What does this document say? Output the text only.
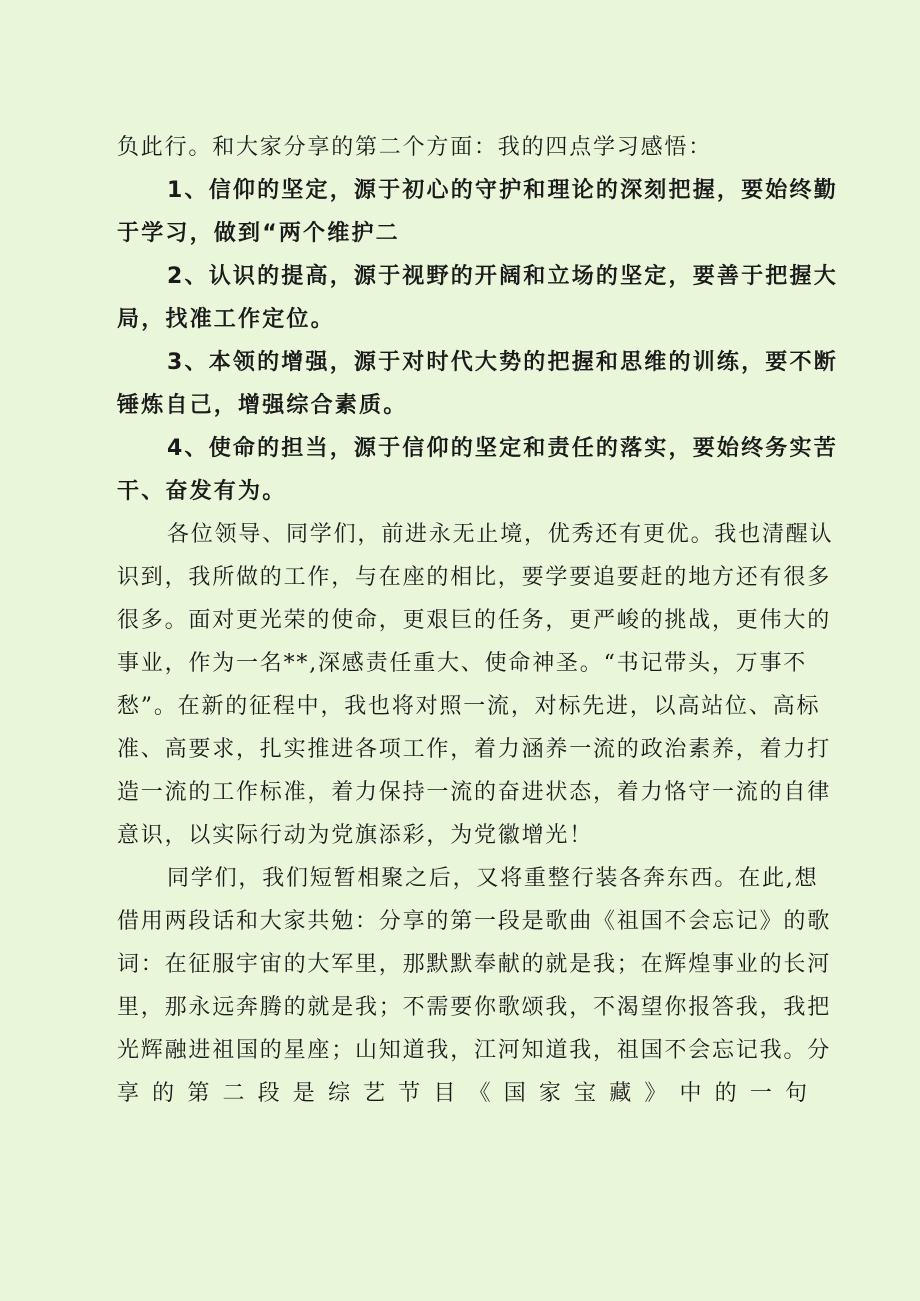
负此行。和大家分享的第二个方面：我的四点学习感悟：
1、信仰的坚定，源于初心的守护和理论的深刻把握，要始终勤
于学习，做到“两个维护二
2、认识的提高，源于视野的开阔和立场的坚定，要善于把握大
局，找准工作定位。
3、本领的增强，源于对时代大势的把握和思维的训练，要不断
锤炼自己，增强综合素质。
4、使命的担当，源于信仰的坚定和责任的落实，要始终务实苦
干、奋发有为。
各位领导、同学们，前进永无止境，优秀还有更优。我也清醒认
识到，我所做的工作，与在座的相比，要学要追要赶的地方还有很多
很多。面对更光荣的使命，更艰巨的任务，更严峻的挑战，更伟大的
事业，作为一名**,深感责任重大、使命神圣。“书记带头，万事不
愁”。在新的征程中，我也将对照一流，对标先进，以高站位、高标
准、高要求，扎实推进各项工作，着力涵养一流的政治素养，着力打
造一流的工作标准，着力保持一流的奋进状态，着力恪守一流的自律
意识，以实际行动为党旗添彩，为党徽增光！
同学们，我们短暂相聚之后，又将重整行装各奔东西。在此,想
借用两段话和大家共勉：分享的第一段是歌曲《祖国不会忘记》的歌
词：在征服宇宙的大军里，那默默奉献的就是我；在辉煌事业的长河
里，那永远奔腾的就是我；不需要你歌颂我，不渴望你报答我，我把
光辉融进祖国的星座；山知道我，江河知道我，祖国不会忘记我。分
享 的 第 二 段 是 综 艺 节 目 《 国 家 宝 藏 》 中 的 一 句
